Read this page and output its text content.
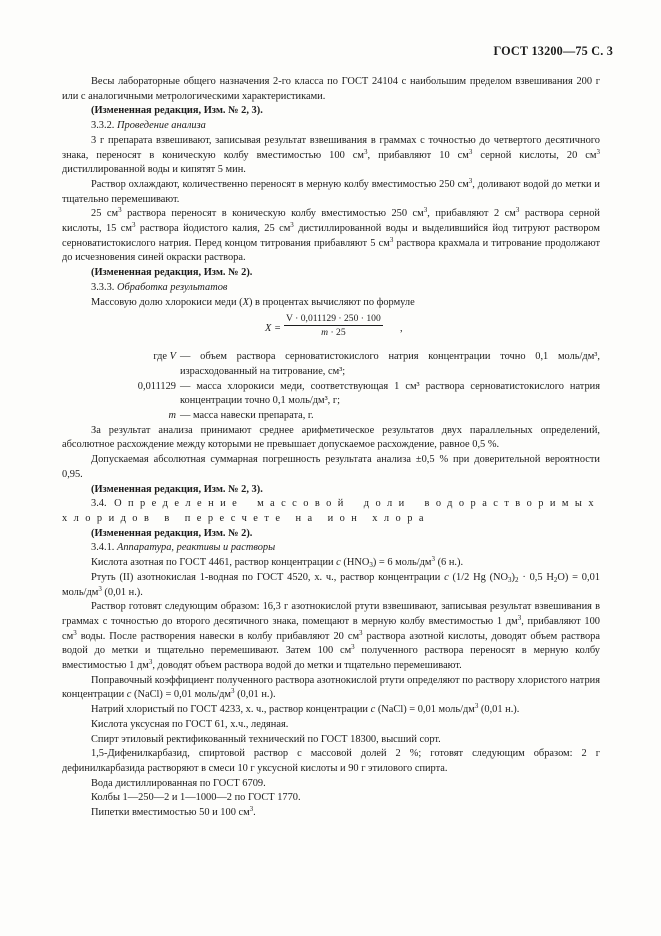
ГОСТ 13200—75 С. 3

Весы лабораторные общего назначения 2-го класса по ГОСТ 24104 с наибольшим пределом взвешивания 200 г или с аналогичными метрологическими характеристиками.

(Измененная редакция, Изм. № 2, 3).

3.3.2. Проведение анализа

3 г препарата взвешивают, записывая результат взвешивания в граммах с точностью до четвертого десятичного знака, переносят в коническую колбу вместимостью 100 $см^3$, прибавляют 10 $см^3$ серной кислоты, 20 $см^3$ дистиллированной воды и кипятят 5 мин.

Раствор охлаждают, количественно переносят в мерную колбу вместимостью 250 $см^3$, доливают водой до метки и тщательно перемешивают.

25 $см^3$ раствора переносят в коническую колбу вместимостью 250 $см^3$, прибавляют 2 $см^3$ раствора серной кислоты, 15 $см^3$ раствора йодистого калия, 25 $см^3$ дистиллированной воды и выделившийся йод титруют раствором серноватистокислого натрия. Перед концом титрования прибавляют 5 $см^3$ раствора крахмала и титрование продолжают до исчезновения синей окраски раствора.

(Измененная редакция, Изм. № 2).

3.3.3. Обработка результатов

Массовую долю хлорокиси меди (X) в процентах вычисляют по формуле

$X = \frac{V \cdot 0,011129 \cdot 250 \cdot 100}{m \cdot 25}$ ,
где V — объем раствора серноватистокислого натрия концентрации точно 0,1 моль/дм³, израсходованный на титрование, см³;
0,011129 — масса хлорокиси меди, соответствующая 1 см³ раствора серноватистокислого натрия концентрации точно 0,1 моль/дм³, г;
m — масса навески препарата, г.

За результат анализа принимают среднее арифметическое результатов двух параллельных определений, абсолютное расхождение между которыми не превышает допускаемое расхождение, равное 0,5 %.

Допускаемая абсолютная суммарная погрешность результата анализа ±0,5 % при доверительной вероятности 0,95.

(Измененная редакция, Изм. № 2, 3).

3.4. Определение массовой доли водорастворимых хлоридов в пересчете на ион хлора

(Измененная редакция, Изм. № 2).

3.4.1. Аппаратура, реактивы и растворы

Кислота азотная по ГОСТ 4461, раствор концентрации c $(HNO_3) = 6$ моль/$дм^3$ (6 н.).

Ртуть (II) азотнокислая 1-водная по ГОСТ 4520, х. ч., раствор концентрации c (1/2 Hg $(NO_3)_2 \cdot 0,5$ $H_2O) = 0,01$ моль/$дм^3$ (0,01 н.).

Раствор готовят следующим образом: 16,3 г азотнокислой ртути взвешивают, записывая результат взвешивания в граммах с точностью до второго десятичного знака, помещают в мерную колбу вместимостью 1 $дм^3$, прибавляют 100 $см^3$ воды. После растворения навески в колбу прибавляют 20 $см^3$ раствора азотной кислоты, доводят объем раствора водой до метки и тщательно перемешивают. Затем 100 $см^3$ полученного раствора переносят в мерную колбу вместимостью 1 $дм^3$, доводят объем раствора водой до метки и тщательно перемешивают.

Поправочный коэффициент полученного раствора азотнокислой ртути определяют по раствору хлористого натрия концентрации c (NaCl) = 0,01 моль/$дм^3$ (0,01 н.).

Натрий хлористый по ГОСТ 4233, х. ч., раствор концентрации c (NaCl) = 0,01 моль/$дм^3$ (0,01 н.).

Кислота уксусная по ГОСТ 61, х.ч., ледяная.

Спирт этиловый ректификованный технический по ГОСТ 18300, высший сорт.

1,5-Дифенилкарбазид, спиртовой раствор с массовой долей 2 %; готовят следующим образом: 2 г дефинилкарбазида растворяют в смеси 10 г уксусной кислоты и 90 г этилового спирта.

Вода дистиллированная по ГОСТ 6709.

Колбы 1—250—2 и 1—1000—2 по ГОСТ 1770.

Пипетки вместимостью 50 и 100 $см^3$.
